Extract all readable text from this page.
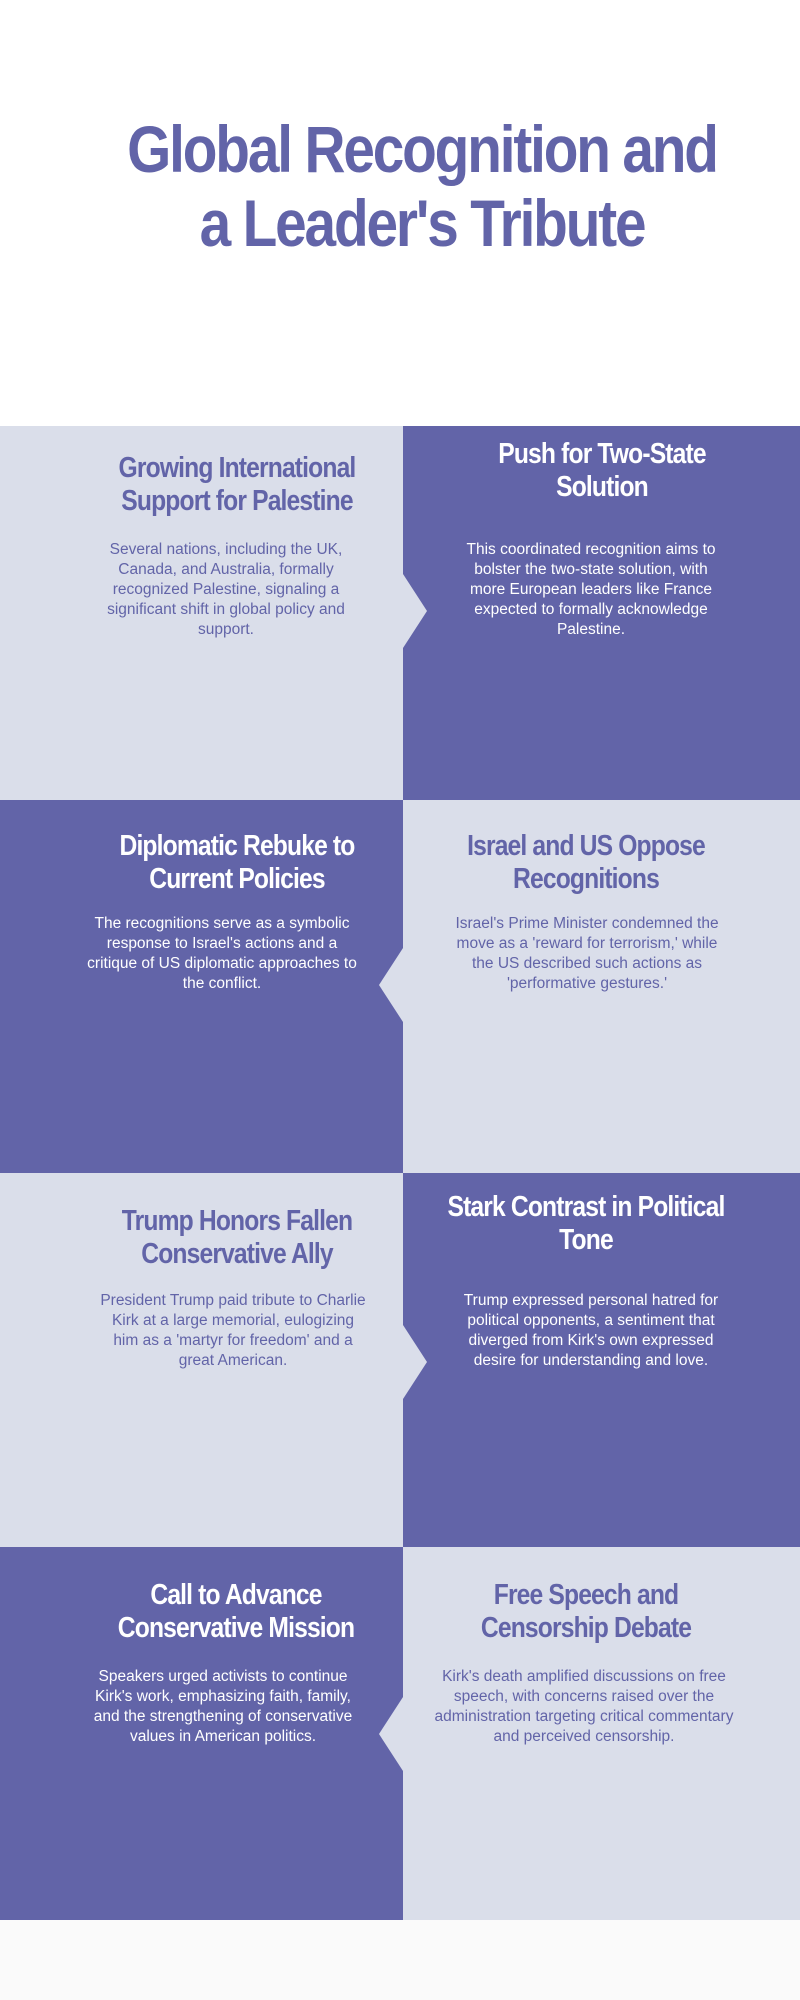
Global Recognition and a Leader's Tribute
Growing International Support for Palestine

Several nations, including the UK, Canada, and Australia, formally recognized Palestine, signaling a significant shift in global policy and support.

Push for Two-State Solution

This coordinated recognition aims to bolster the two-state solution, with more European leaders like France expected to formally acknowledge Palestine.

Diplomatic Rebuke to Current Policies

The recognitions serve as a symbolic response to Israel's actions and a critique of US diplomatic approaches to the conflict.

Israel and US Oppose Recognitions

Israel's Prime Minister condemned the move as a 'reward for terrorism,' while the US described such actions as 'performative gestures.'

Trump Honors Fallen Conservative Ally

President Trump paid tribute to Charlie Kirk at a large memorial, eulogizing him as a 'martyr for freedom' and a great American.

Stark Contrast in Political Tone

Trump expressed personal hatred for political opponents, a sentiment that diverged from Kirk's own expressed desire for understanding and love.

Call to Advance Conservative Mission

Speakers urged activists to continue Kirk's work, emphasizing faith, family, and the strengthening of conservative values in American politics.

Free Speech and Censorship Debate

Kirk's death amplified discussions on free speech, with concerns raised over the administration targeting critical commentary and perceived censorship.
